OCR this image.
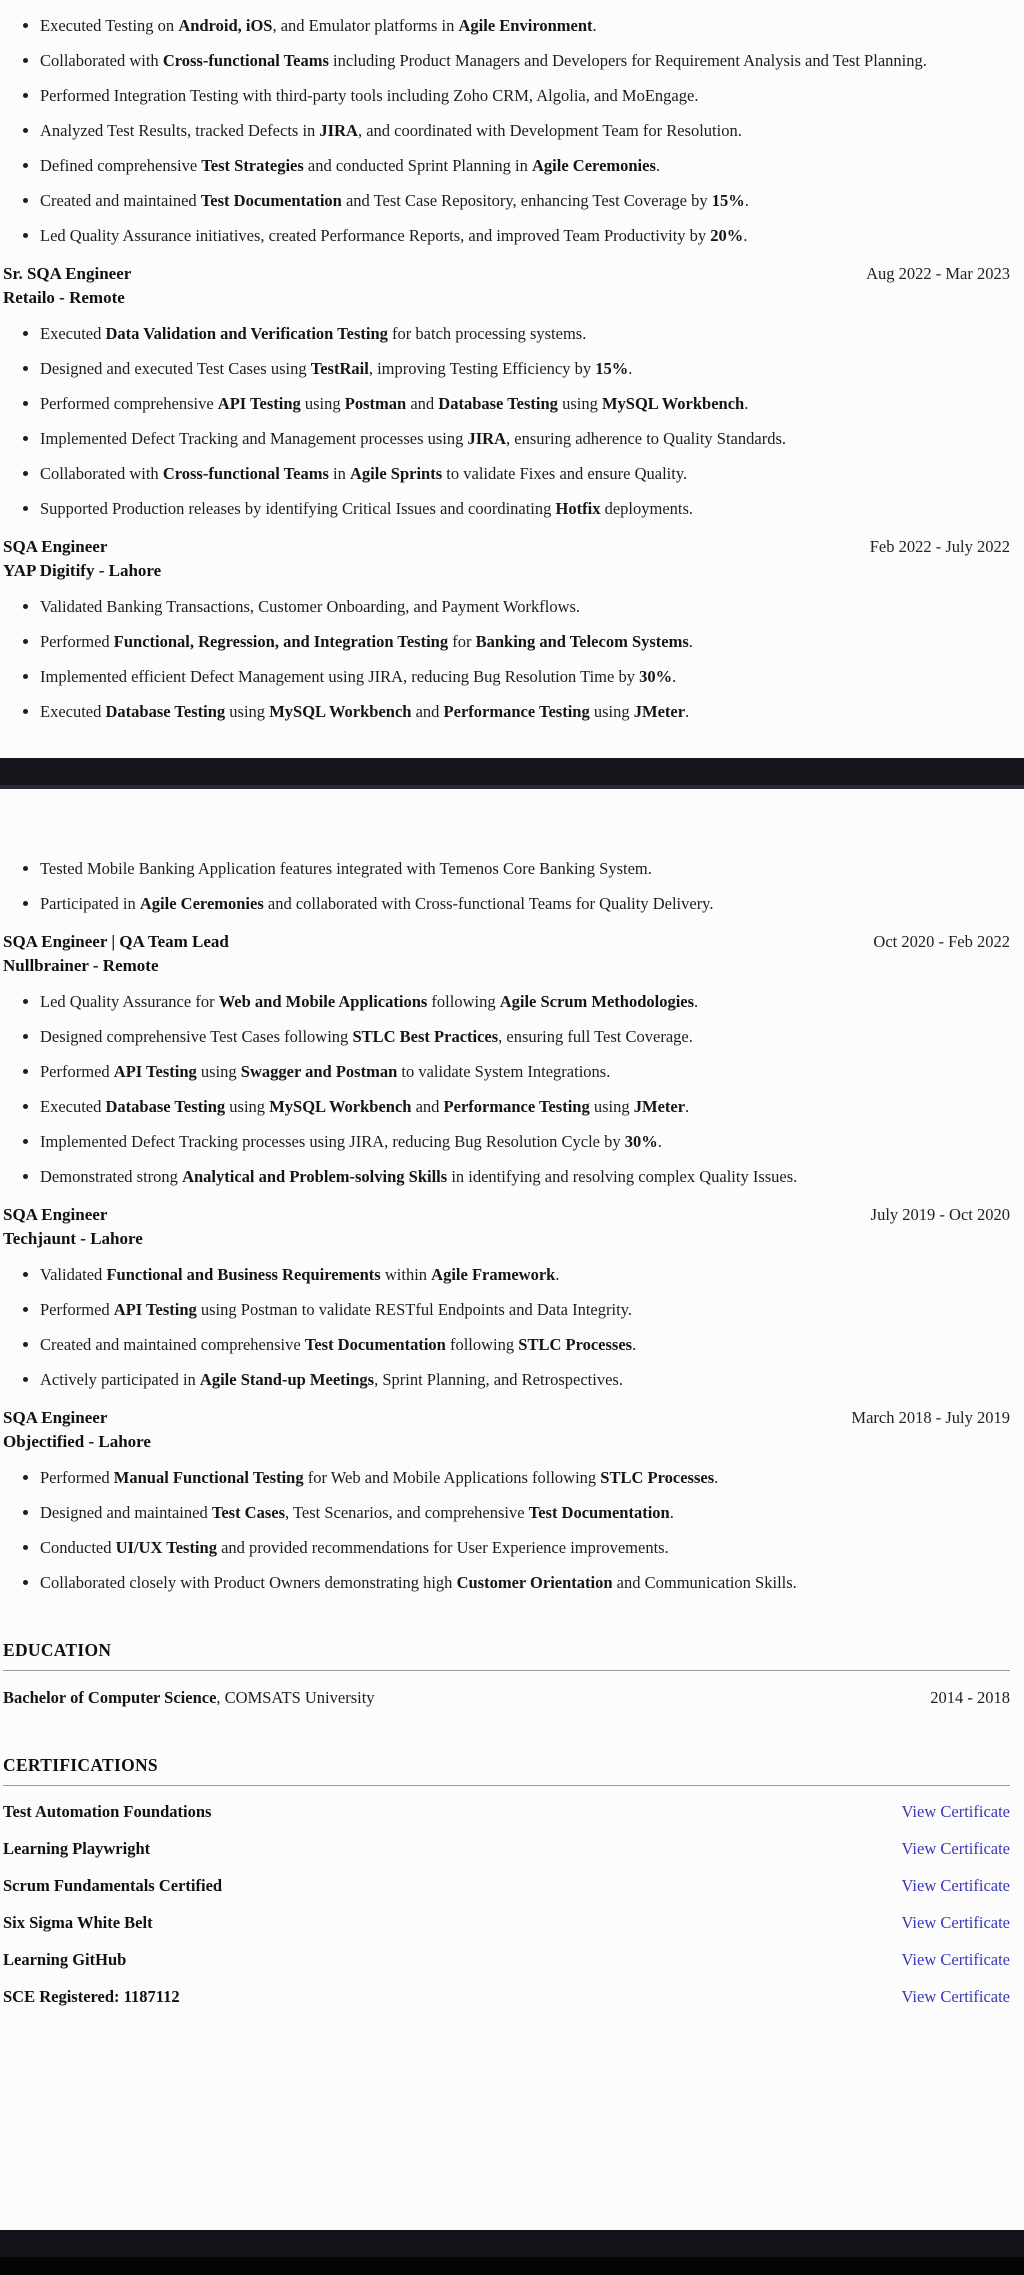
• Executed Testing on Android, iOS, and Emulator platforms in Agile Environment.
• Collaborated with Cross-functional Teams including Product Managers and Developers for Requirement Analysis and Test Planning.
• Performed Integration Testing with third-party tools including Zoho CRM, Algolia, and MoEngage.
• Analyzed Test Results, tracked Defects in JIRA, and coordinated with Development Team for Resolution.
• Defined comprehensive Test Strategies and conducted Sprint Planning in Agile Ceremonies.
• Created and maintained Test Documentation and Test Case Repository, enhancing Test Coverage by 15%.
• Led Quality Assurance initiatives, created Performance Reports, and improved Team Productivity by 20%.
Sr. SQA Engineer
Retailo - Remote
Aug 2022 - Mar 2023
• Executed Data Validation and Verification Testing for batch processing systems.
• Designed and executed Test Cases using TestRail, improving Testing Efficiency by 15%.
• Performed comprehensive API Testing using Postman and Database Testing using MySQL Workbench.
• Implemented Defect Tracking and Management processes using JIRA, ensuring adherence to Quality Standards.
• Collaborated with Cross-functional Teams in Agile Sprints to validate Fixes and ensure Quality.
• Supported Production releases by identifying Critical Issues and coordinating Hotfix deployments.
SQA Engineer
YAP Digitify - Lahore
Feb 2022 - July 2022
• Validated Banking Transactions, Customer Onboarding, and Payment Workflows.
• Performed Functional, Regression, and Integration Testing for Banking and Telecom Systems.
• Implemented efficient Defect Management using JIRA, reducing Bug Resolution Time by 30%.
• Executed Database Testing using MySQL Workbench and Performance Testing using JMeter.
• Tested Mobile Banking Application features integrated with Temenos Core Banking System.
• Participated in Agile Ceremonies and collaborated with Cross-functional Teams for Quality Delivery.
SQA Engineer | QA Team Lead
Nullbrainer - Remote
Oct 2020 - Feb 2022
• Led Quality Assurance for Web and Mobile Applications following Agile Scrum Methodologies.
• Designed comprehensive Test Cases following STLC Best Practices, ensuring full Test Coverage.
• Performed API Testing using Swagger and Postman to validate System Integrations.
• Executed Database Testing using MySQL Workbench and Performance Testing using JMeter.
• Implemented Defect Tracking processes using JIRA, reducing Bug Resolution Cycle by 30%.
• Demonstrated strong Analytical and Problem-solving Skills in identifying and resolving complex Quality Issues.
SQA Engineer
Techjaunt - Lahore
July 2019 - Oct 2020
• Validated Functional and Business Requirements within Agile Framework.
• Performed API Testing using Postman to validate RESTful Endpoints and Data Integrity.
• Created and maintained comprehensive Test Documentation following STLC Processes.
• Actively participated in Agile Stand-up Meetings, Sprint Planning, and Retrospectives.
SQA Engineer
Objectified - Lahore
March 2018 - July 2019
• Performed Manual Functional Testing for Web and Mobile Applications following STLC Processes.
• Designed and maintained Test Cases, Test Scenarios, and comprehensive Test Documentation.
• Conducted UI/UX Testing and provided recommendations for User Experience improvements.
• Collaborated closely with Product Owners demonstrating high Customer Orientation and Communication Skills.
EDUCATION
Bachelor of Computer Science, COMSATS University	2014 - 2018
CERTIFICATIONS
Test Automation Foundations	View Certificate
Learning Playwright	View Certificate
Scrum Fundamentals Certified	View Certificate
Six Sigma White Belt	View Certificate
Learning GitHub	View Certificate
SCE Registered: 1187112	View Certificate
